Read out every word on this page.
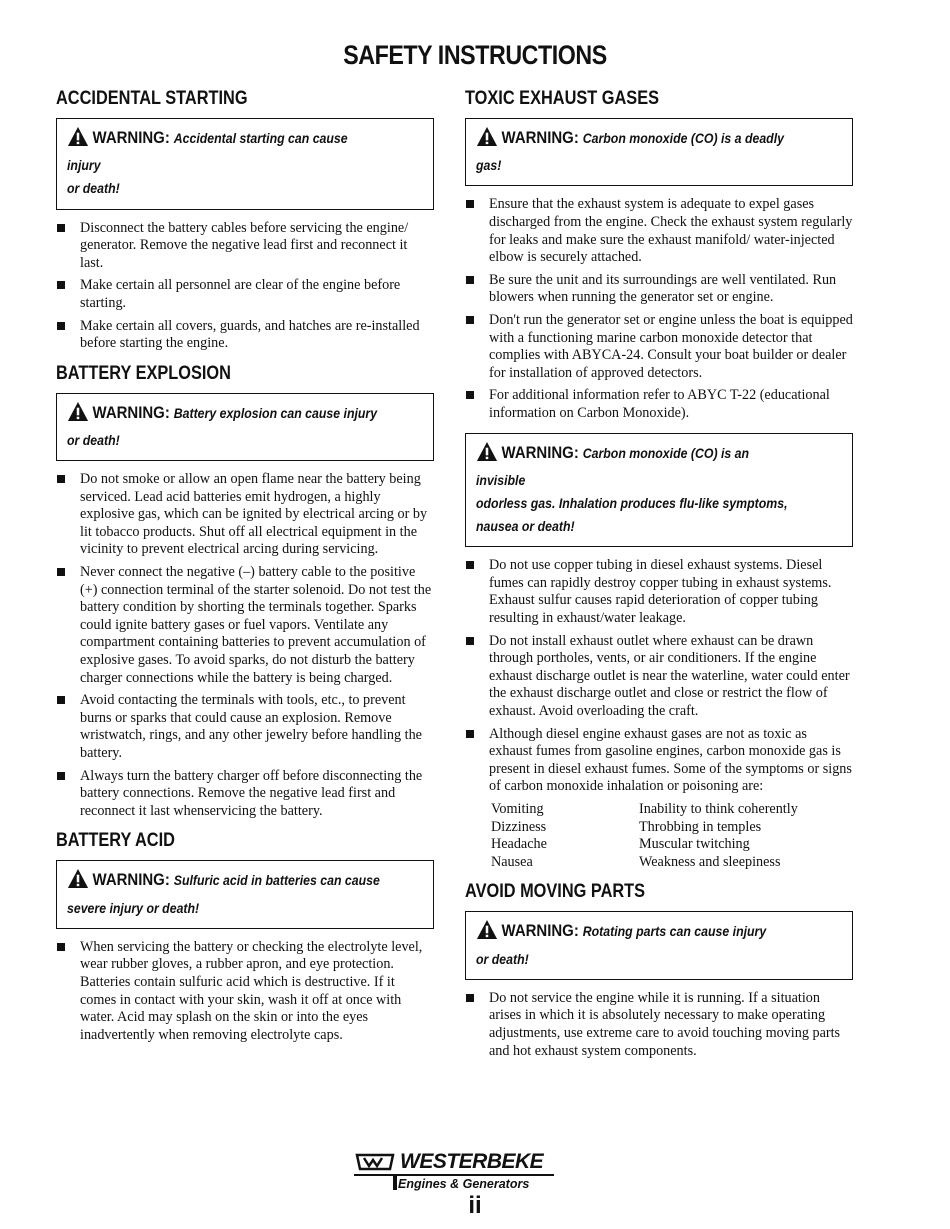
SAFETY INSTRUCTIONS
ACCIDENTAL STARTING
WARNING: Accidental starting can cause injury
or death!
Disconnect the battery cables before servicing the engine/ generator. Remove the negative lead first and reconnect it last.
Make certain all personnel are clear of the engine before starting.
Make certain all covers, guards, and hatches are re-installed before starting the engine.
BATTERY EXPLOSION
WARNING: Battery explosion can cause injury
or death!
Do not smoke or allow an open flame near the battery being serviced. Lead acid batteries emit hydrogen, a highly explosive gas, which can be ignited by electrical arcing or by lit tobacco products. Shut off all electrical equipment in the vicinity to prevent electrical arcing during servicing.
Never connect the negative (–) battery cable to the positive (+) connection terminal of the starter solenoid. Do not test the battery condition by shorting the terminals together. Sparks could ignite battery gases or fuel vapors. Ventilate any compartment containing batteries to prevent accumulation of explosive gases. To avoid sparks, do not disturb the battery charger connections while the battery is being charged.
Avoid contacting the terminals with tools, etc., to prevent burns or sparks that could cause an explosion. Remove wristwatch, rings, and any other jewelry before handling the battery.
Always turn the battery charger off before disconnecting the battery connections. Remove the negative lead first and reconnect it last whenservicing the battery.
BATTERY ACID
WARNING: Sulfuric acid in batteries can cause
severe injury or death!
When servicing the battery or checking the electrolyte level, wear rubber gloves, a rubber apron, and eye protection. Batteries contain sulfuric acid which is destructive. If it comes in contact with your skin, wash it off at once with water. Acid may splash on the skin or into the eyes inadvertently when removing electrolyte caps.
TOXIC EXHAUST GASES
WARNING: Carbon monoxide (CO) is a deadly gas!
Ensure that the exhaust system is adequate to expel gases discharged from the engine. Check the exhaust system regularly for leaks and make sure the exhaust manifold/ water-injected elbow is securely attached.
Be sure the unit and its surroundings are well ventilated. Run blowers when running the generator set or engine.
Don't run the generator set or engine unless the boat is equipped with a functioning marine carbon monoxide detector that complies with ABYCA-24. Consult your boat builder or dealer for installation of approved detectors.
For additional information refer to ABYC T-22 (educational information on Carbon Monoxide).
WARNING: Carbon monoxide (CO) is an invisible
odorless gas. Inhalation produces flu-like symptoms,
nausea or death!
Do not use copper tubing in diesel exhaust systems. Diesel fumes can rapidly destroy copper tubing in exhaust systems. Exhaust sulfur causes rapid deterioration of copper tubing resulting in exhaust/water leakage.
Do not install exhaust outlet where exhaust can be drawn through portholes, vents, or air conditioners. If the engine exhaust discharge outlet is near the waterline, water could enter the exhaust discharge outlet and close or restrict the flow of exhaust. Avoid overloading the craft.
Although diesel engine exhaust gases are not as toxic as exhaust fumes from gasoline engines, carbon monoxide gas is present in diesel exhaust fumes. Some of the symptoms or signs of carbon monoxide inhalation or poisoning are:
Vomiting	Inability to think coherently
Dizziness	Throbbing in temples
Headache	Muscular twitching
Nausea	Weakness and sleepiness
AVOID MOVING PARTS
WARNING: Rotating parts can cause injury
or death!
Do not service the engine while it is running. If a situation arises in which it is absolutely necessary to make operating adjustments, use extreme care to avoid touching moving parts and hot exhaust system components.
WESTERBEKE
Engines & Generators
ii
